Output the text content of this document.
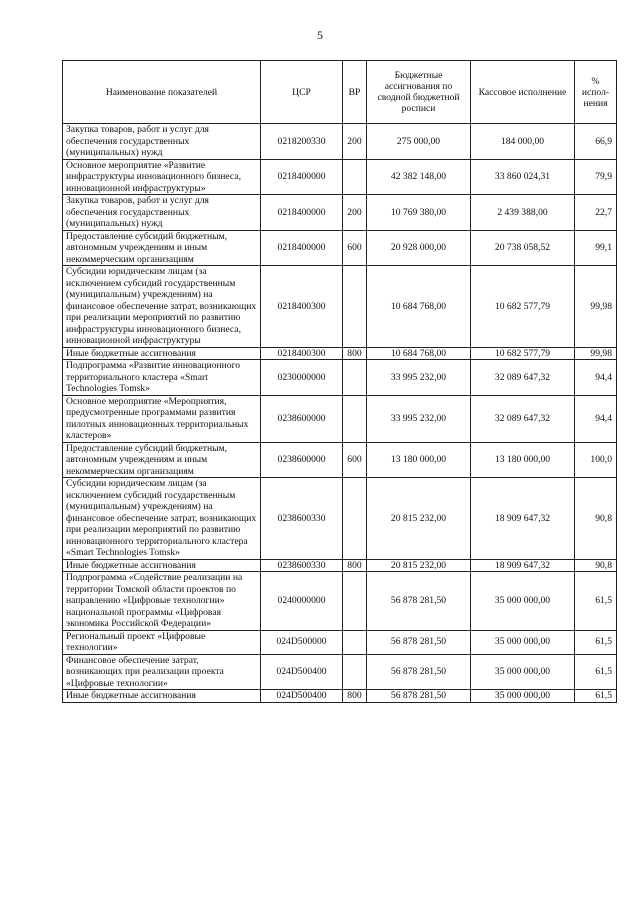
5
Наименование показателей	ЦСР	ВР	Бюджетные ассигнования по сводной бюджетной росписи	Кассовое исполнение	% испол-нения
Закупка товаров, работ и услуг для обеспечения государственных (муниципальных) нужд	0218200330	200	275 000,00	184 000,00	66,9
Основное мероприятие «Развитие инфраструктуры инновационного бизнеса, инновационной инфраструктуры»	0218400000		42 382 148,00	33 860 024,31	79,9
Закупка товаров, работ и услуг для обеспечения государственных (муниципальных) нужд	0218400000	200	10 769 380,00	2 439 388,00	22,7
Предоставление субсидий бюджетным, автономным учреждениям и иным некоммерческим организациям	0218400000	600	20 928 000,00	20 738 058,52	99,1
Субсидии юридическим лицам (за исключением субсидий государственным (муниципальным) учреждениям) на финансовое обеспечение затрат, возникающих при реализации мероприятий по развитию инфраструктуры инновационного бизнеса, инновационной инфраструктуры	0218400300		10 684 768,00	10 682 577,79	99,98
Иные бюджетные ассигнования	0218400300	800	10 684 768,00	10 682 577,79	99,98
Подпрограмма «Развитие инновационного территориального кластера «Smart Technologies Tomsk»	0230000000		33 995 232,00	32 089 647,32	94,4
Основное мероприятие «Мероприятия, предусмотренные программами развития пилотных инновационных территориальных кластеров»	0238600000		33 995 232,00	32 089 647,32	94,4
Предоставление субсидий бюджетным, автономным учреждениям и иным некоммерческим организациям	0238600000	600	13 180 000,00	13 180 000,00	100,0
Субсидии юридическим лицам (за исключением субсидий государственным (муниципальным) учреждениям) на финансовое обеспечение затрат, возникающих при реализации мероприятий по развитию инновационного территориального кластера «Smart Technologies Tomsk»	0238600330		20 815 232,00	18 909 647,32	90,8
Иные бюджетные ассигнования	0238600330	800	20 815 232,00	18 909 647,32	90,8
Подпрограмма «Содействие реализации на территории Томской области проектов по направлению «Цифровые технологии» национальной программы «Цифровая экономика Российской Федерации»	0240000000		56 878 281,50	35 000 000,00	61,5
Региональный проект «Цифровые технологии»	024D500000		56 878 281,50	35 000 000,00	61,5
Финансовое обеспечение затрат, возникающих при реализации проекта «Цифровые технологии»	024D500400		56 878 281,50	35 000 000,00	61,5
Иные бюджетные ассигнования	024D500400	800	56 878 281,50	35 000 000,00	61,5
